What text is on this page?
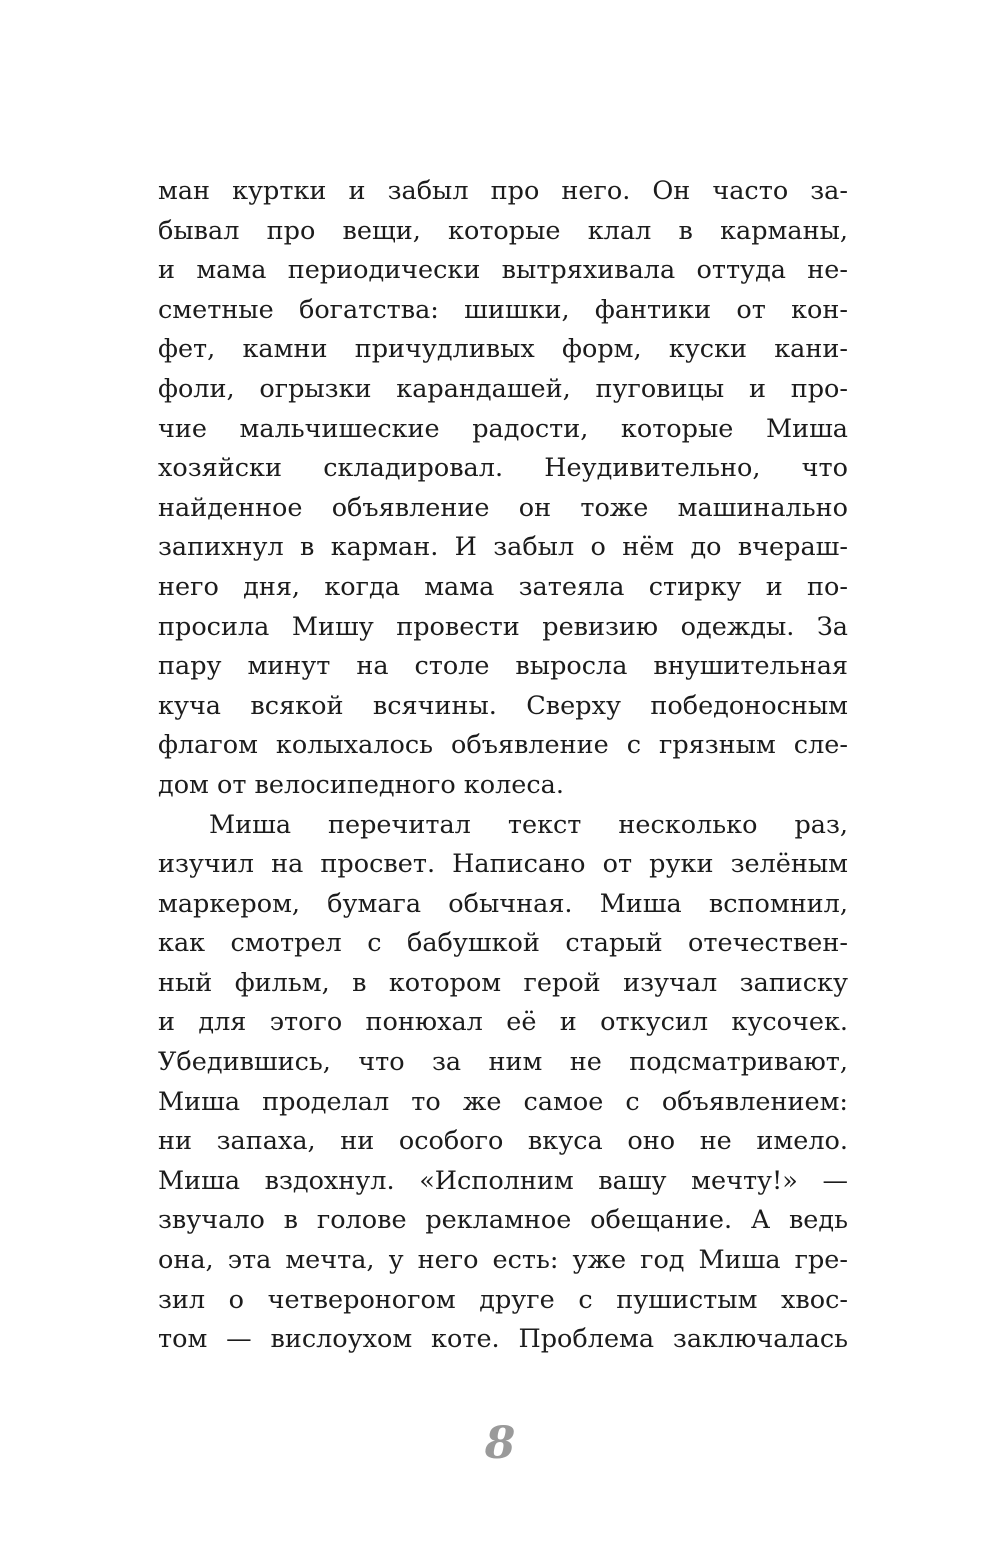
ман куртки и забыл про него. Он часто за-
бывал про вещи, которые клал в карманы,
и мама периодически вытряхивала оттуда не-
сметные богатства: шишки, фантики от кон-
фет, камни причудливых форм, куски кани-
фоли, огрызки карандашей, пуговицы и про-
чие мальчишеские радости, которые Миша
хозяйски складировал. Неудивительно, что
найденное объявление он тоже машинально
запихнул в карман. И забыл о нём до вчераш-
него дня, когда мама затеяла стирку и по-
просила Мишу провести ревизию одежды. За
пару минут на столе выросла внушительная
куча всякой всячины. Сверху победоносным
флагом колыхалось объявление с грязным сле-
дом от велосипедного колеса.
Миша перечитал текст несколько раз,
изучил на просвет. Написано от руки зелёным
маркером, бумага обычная. Миша вспомнил,
как смотрел с бабушкой старый отечествен-
ный фильм, в котором герой изучал записку
и для этого понюхал её и откусил кусочек.
Убедившись, что за ним не подсматривают,
Миша проделал то же самое с объявлением:
ни запаха, ни особого вкуса оно не имело.
Миша вздохнул. «Исполним вашу мечту!» —
звучало в голове рекламное обещание. А ведь
она, эта мечта, у него есть: уже год Миша гре-
зил о четвероногом друге с пушистым хвос-
том — вислоухом коте. Проблема заключалась
8
